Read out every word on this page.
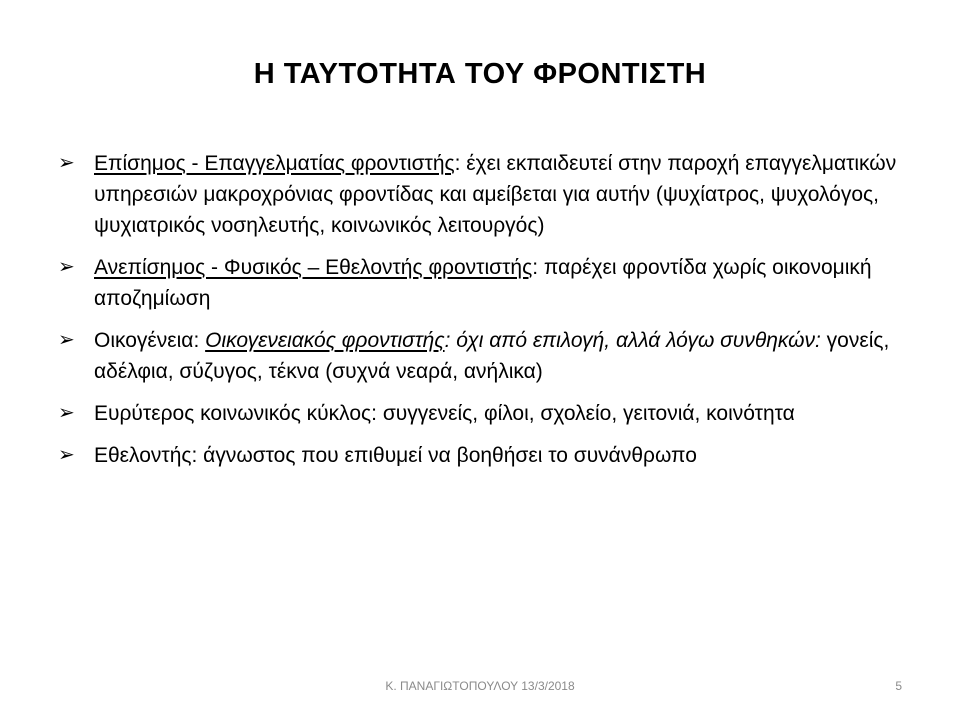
Η ΤΑΥΤΟΤΗΤΑ ΤΟΥ ΦΡΟΝΤΙΣΤΗ
➢ Επίσημος - Επαγγελματίας φροντιστής: έχει εκπαιδευτεί στην παροχή επαγγελματικών υπηρεσιών μακροχρόνιας φροντίδας και αμείβεται για αυτήν (ψυχίατρος, ψυχολόγος, ψυχιατρικός νοσηλευτής, κοινωνικός λειτουργός)
➢ Ανεπίσημος - Φυσικός – Εθελοντής φροντιστής: παρέχει φροντίδα χωρίς οικονομική αποζημίωση
➢ Οικογένεια: Οικογενειακός φροντιστής: όχι από επιλογή, αλλά λόγω συνθηκών: γονείς, αδέλφια, σύζυγος, τέκνα (συχνά νεαρά, ανήλικα)
➢ Ευρύτερος κοινωνικός κύκλος: συγγενείς, φίλοι, σχολείο, γειτονιά, κοινότητα
➢ Εθελοντής: άγνωστος που επιθυμεί να βοηθήσει το συνάνθρωπο
Κ. ΠΑΝΑΓΙΩΤΟΠΟΥΛΟΥ 13/3/2018	5
